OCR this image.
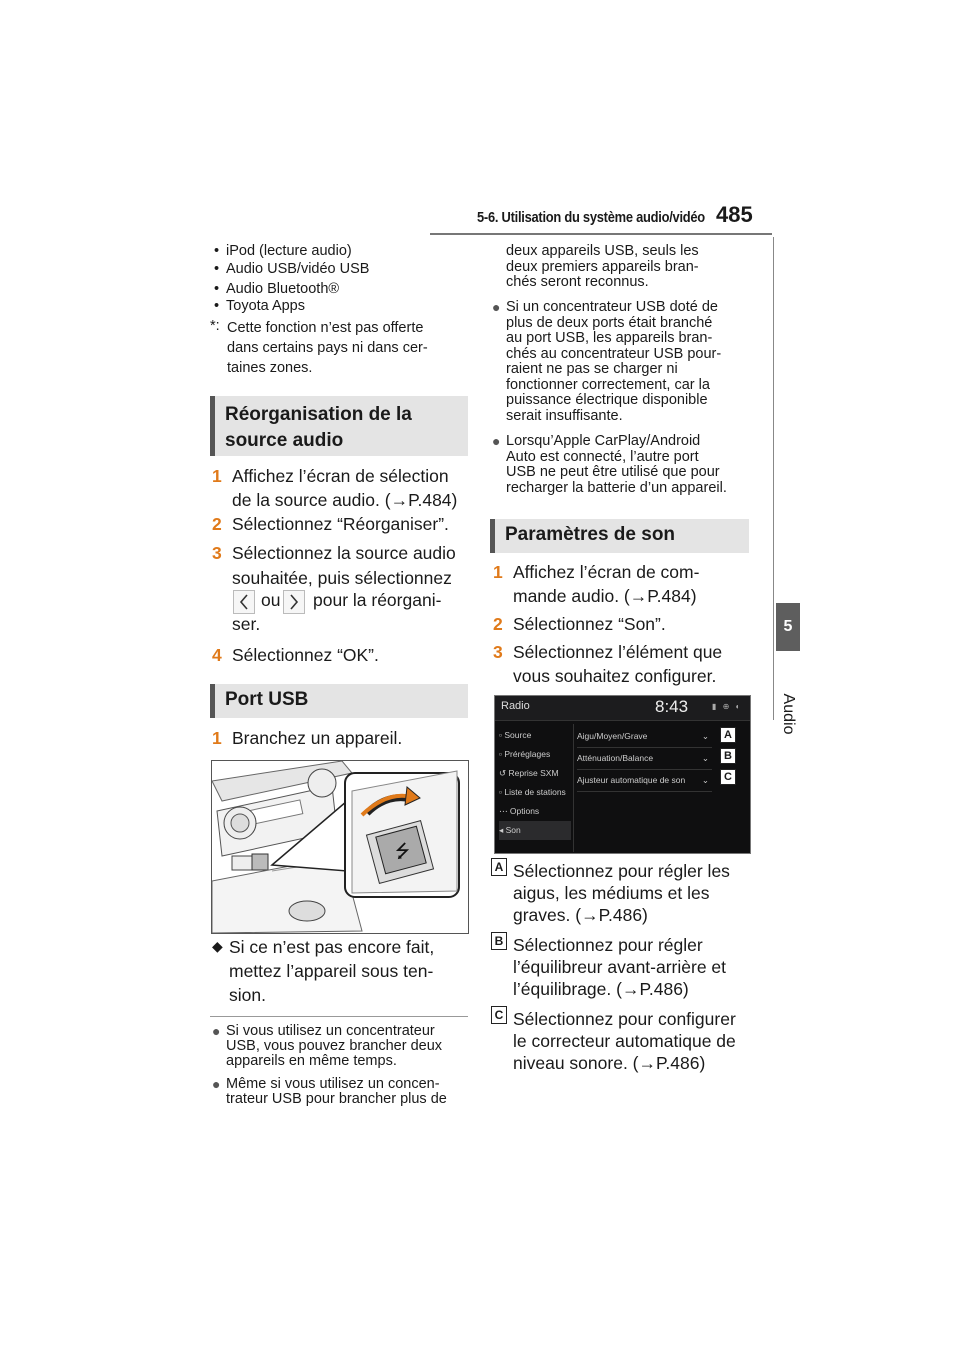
5-6. Utilisation du système audio/vidéo 485
5
Audio
• iPod (lecture audio)
• Audio USB/vidéo USB
• Audio Bluetooth®
• Toyota Apps
*: Cette fonction n’est pas offerte
dans certains pays ni dans cer-
taines zones.
Réorganisation de la
source audio
1 Affichez l’écran de sélection
de la source audio. (→P.484)
2 Sélectionnez “Réorganiser”.
3 Sélectionnez la source audio
souhaitée, puis sélectionnez
ou pour la réorgani-
ser.
4 Sélectionnez “OK”.
Port USB
1 Branchez un appareil.
⭍
◆ Si ce n’est pas encore fait,
mettez l’appareil sous ten-
sion.
● Si vous utilisez un concentrateur
USB, vous pouvez brancher deux
appareils en même temps.
● Même si vous utilisez un concen-
trateur USB pour brancher plus de
deux appareils USB, seuls les
deux premiers appareils bran-
chés seront reconnus.
● Si un concentrateur USB doté de
plus de deux ports était branché
au port USB, les appareils bran-
chés au concentrateur USB pour-
raient ne pas se charger ni
fonctionner correctement, car la
puissance électrique disponible
serait insuffisante.
● Lorsqu’Apple CarPlay/Android
Auto est connecté, l’autre port
USB ne peut être utilisé que pour
recharger la batterie d’un appareil.
Paramètres de son
1 Affichez l’écran de com-
mande audio. (→P.484)
2 Sélectionnez “Son”.
3 Sélectionnez l’élément que
vous souhaitez configurer.
Radio	8:43	▮ ⊕ ◐
▫ Source
▫ Préréglages
↺ Reprise SXM
▫ Liste de stations
⋯ Options
◂ Son
Aigu/Moyen/Grave	⌄
Atténuation/Balance	⌄
Ajusteur automatique de son ⌄
A
B
C
A Sélectionnez pour régler les
aigus, les médiums et les
graves. (→P.486)
B Sélectionnez pour régler
l’équilibreur avant-arrière et
l’équilibrage. (→P.486)
C Sélectionnez pour configurer
le correcteur automatique de
niveau sonore. (→P.486)
